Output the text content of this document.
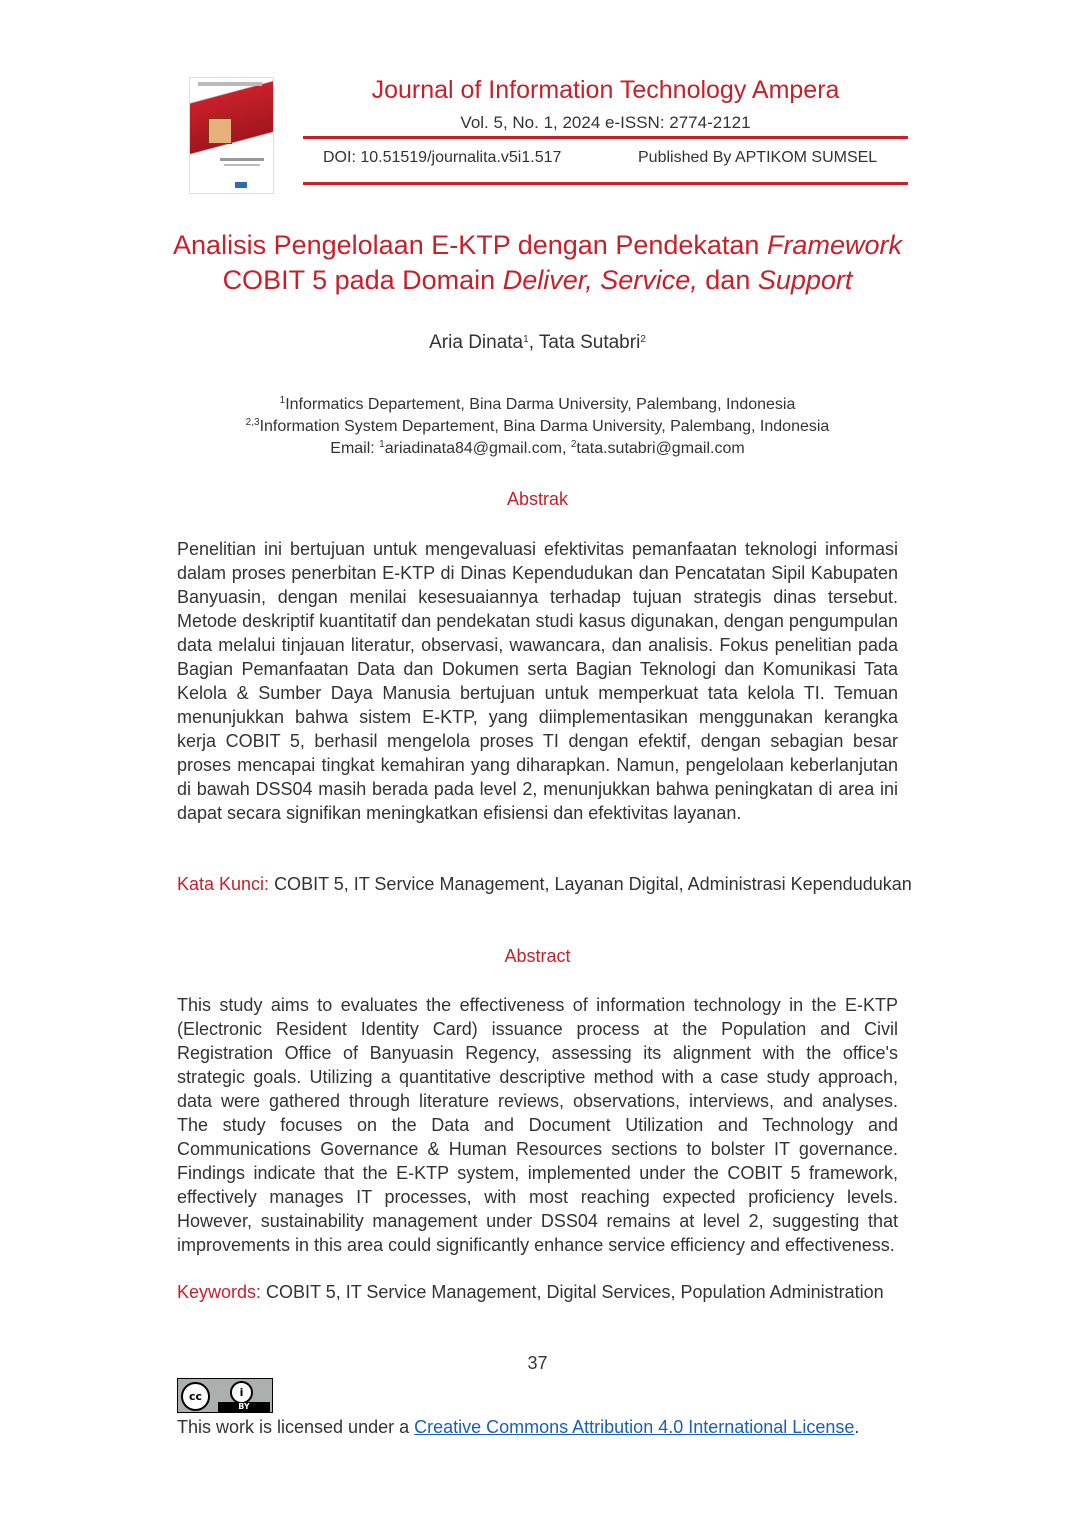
Journal of Information Technology Ampera
Vol. 5, No. 1, 2024 e-ISSN: 2774-2121
DOI: 10.51519/journalita.v5i1.517	Published By APTIKOM SUMSEL
Analisis Pengelolaan E-KTP dengan Pendekatan Framework
COBIT 5 pada Domain Deliver, Service, dan Support
Aria Dinata$^1$, Tata Sutabri$^2$
$^1$Informatics Departement, Bina Darma University, Palembang, Indonesia
$^{2,3}$Information System Departement, Bina Darma University, Palembang, Indonesia
Email: $^1$ariadinata84@gmail.com, $^2$tata.sutabri@gmail.com
Abstrak
Penelitian ini bertujuan untuk mengevaluasi efektivitas pemanfaatan teknologi informasi dalam proses penerbitan E-KTP di Dinas Kependudukan dan Pencatatan Sipil Kabupaten Banyuasin, dengan menilai kesesuaiannya terhadap tujuan strategis dinas tersebut. Metode deskriptif kuantitatif dan pendekatan studi kasus digunakan, dengan pengumpulan data melalui tinjauan literatur, observasi, wawancara, dan analisis. Fokus penelitian pada Bagian Pemanfaatan Data dan Dokumen serta Bagian Teknologi dan Komunikasi Tata Kelola & Sumber Daya Manusia bertujuan untuk memperkuat tata kelola TI. Temuan menunjukkan bahwa sistem E-KTP, yang diimplementasikan menggunakan kerangka kerja COBIT 5, berhasil mengelola proses TI dengan efektif, dengan sebagian besar proses mencapai tingkat kemahiran yang diharapkan. Namun, pengelolaan keberlanjutan di bawah DSS04 masih berada pada level 2, menunjukkan bahwa peningkatan di area ini dapat secara signifikan meningkatkan efisiensi dan efektivitas layanan.
Kata Kunci: COBIT 5, IT Service Management, Layanan Digital, Administrasi Kependudukan
Abstract
This study aims to evaluates the effectiveness of information technology in the E-KTP (Electronic Resident Identity Card) issuance process at the Population and Civil Registration Office of Banyuasin Regency, assessing its alignment with the office's strategic goals. Utilizing a quantitative descriptive method with a case study approach, data were gathered through literature reviews, observations, interviews, and analyses. The study focuses on the Data and Document Utilization and Technology and Communications Governance & Human Resources sections to bolster IT governance. Findings indicate that the E-KTP system, implemented under the COBIT 5 framework, effectively manages IT processes, with most reaching expected proficiency levels. However, sustainability management under DSS04 remains at level 2, suggesting that improvements in this area could significantly enhance service efficiency and effectiveness.
Keywords: COBIT 5, IT Service Management, Digital Services, Population Administration
37
cc	i
BY
This work is licensed under a Creative Commons Attribution 4.0 International License.
